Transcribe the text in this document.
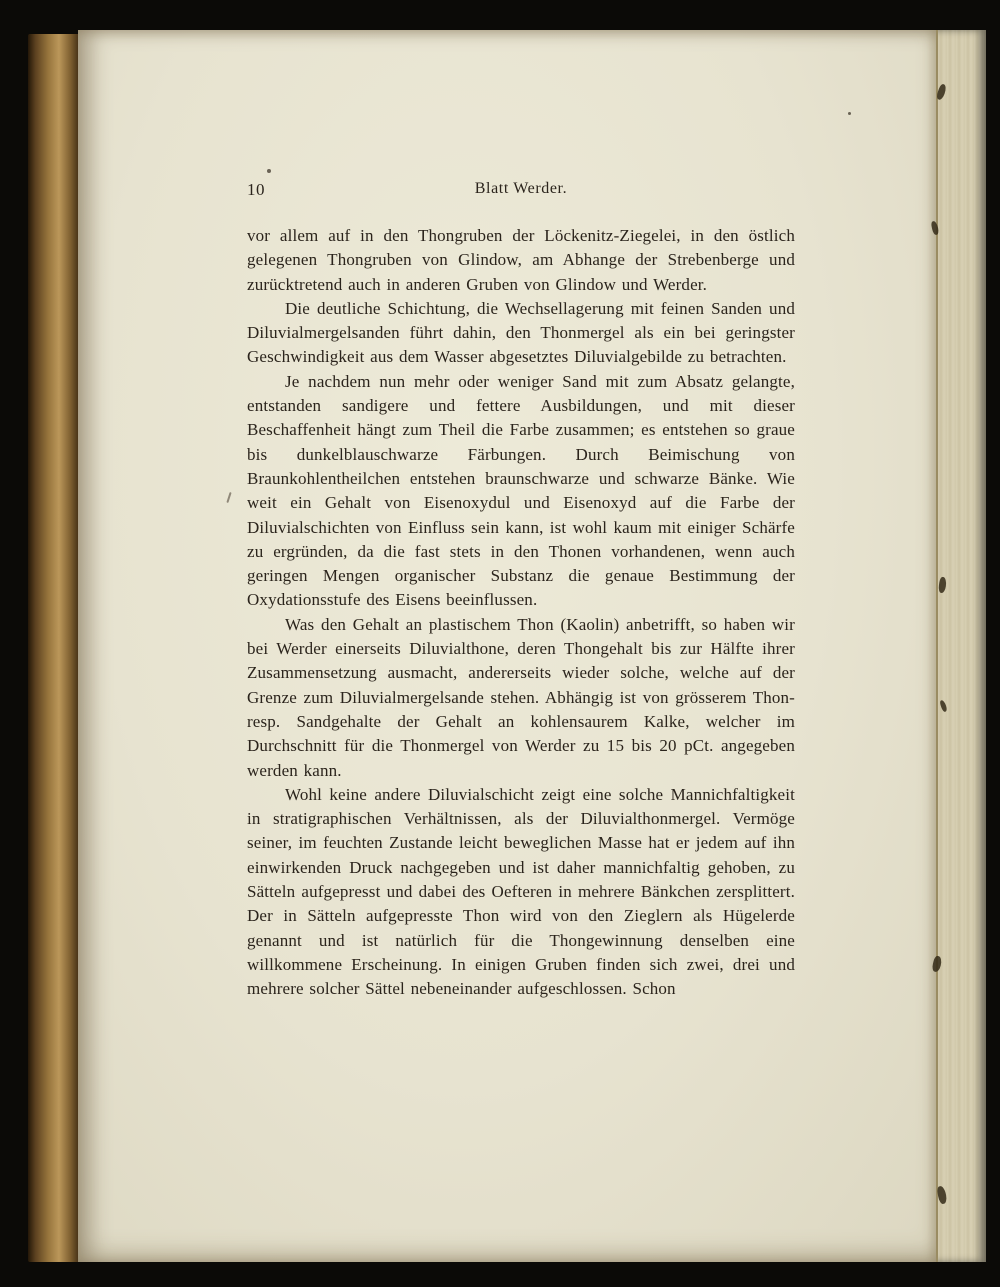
10	Blatt Werder.

vor allem auf in den Thongruben der Löckenitz-Ziegelei, in den östlich gelegenen Thongruben von Glindow, am Abhange der Strebenberge und zurücktretend auch in anderen Gruben von Glindow und Werder.

Die deutliche Schichtung, die Wechsellagerung mit feinen Sanden und Diluvialmergelsanden führt dahin, den Thonmergel als ein bei geringster Geschwindigkeit aus dem Wasser abgesetztes Diluvialgebilde zu betrachten.

Je nachdem nun mehr oder weniger Sand mit zum Absatz gelangte, entstanden sandigere und fettere Ausbildungen, und mit dieser Beschaffenheit hängt zum Theil die Farbe zusammen; es entstehen so graue bis dunkelblauschwarze Färbungen. Durch Beimischung von Braunkohlentheilchen entstehen braunschwarze und schwarze Bänke. Wie weit ein Gehalt von Eisenoxydul und Eisenoxyd auf die Farbe der Diluvialschichten von Einfluss sein kann, ist wohl kaum mit einiger Schärfe zu ergründen, da die fast stets in den Thonen vorhandenen, wenn auch geringen Mengen organischer Substanz die genaue Bestimmung der Oxydationsstufe des Eisens beeinflussen.

Was den Gehalt an plastischem Thon (Kaolin) anbetrifft, so haben wir bei Werder einerseits Diluvialthone, deren Thongehalt bis zur Hälfte ihrer Zusammensetzung ausmacht, andererseits wieder solche, welche auf der Grenze zum Diluvialmergelsande stehen. Abhängig ist von grösserem Thon- resp. Sandgehalte der Gehalt an kohlensaurem Kalke, welcher im Durchschnitt für die Thonmergel von Werder zu 15 bis 20 pCt. angegeben werden kann.

Wohl keine andere Diluvialschicht zeigt eine solche Mannichfaltigkeit in stratigraphischen Verhältnissen, als der Diluvialthonmergel. Vermöge seiner, im feuchten Zustande leicht beweglichen Masse hat er jedem auf ihn einwirkenden Druck nachgegeben und ist daher mannichfaltig gehoben, zu Sätteln aufgepresst und dabei des Oefteren in mehrere Bänkchen zersplittert. Der in Sätteln aufgepresste Thon wird von den Zieglern als Hügelerde genannt und ist natürlich für die Thongewinnung denselben eine willkommene Erscheinung. In einigen Gruben finden sich zwei, drei und mehrere solcher Sättel nebeneinander aufgeschlossen. Schon
